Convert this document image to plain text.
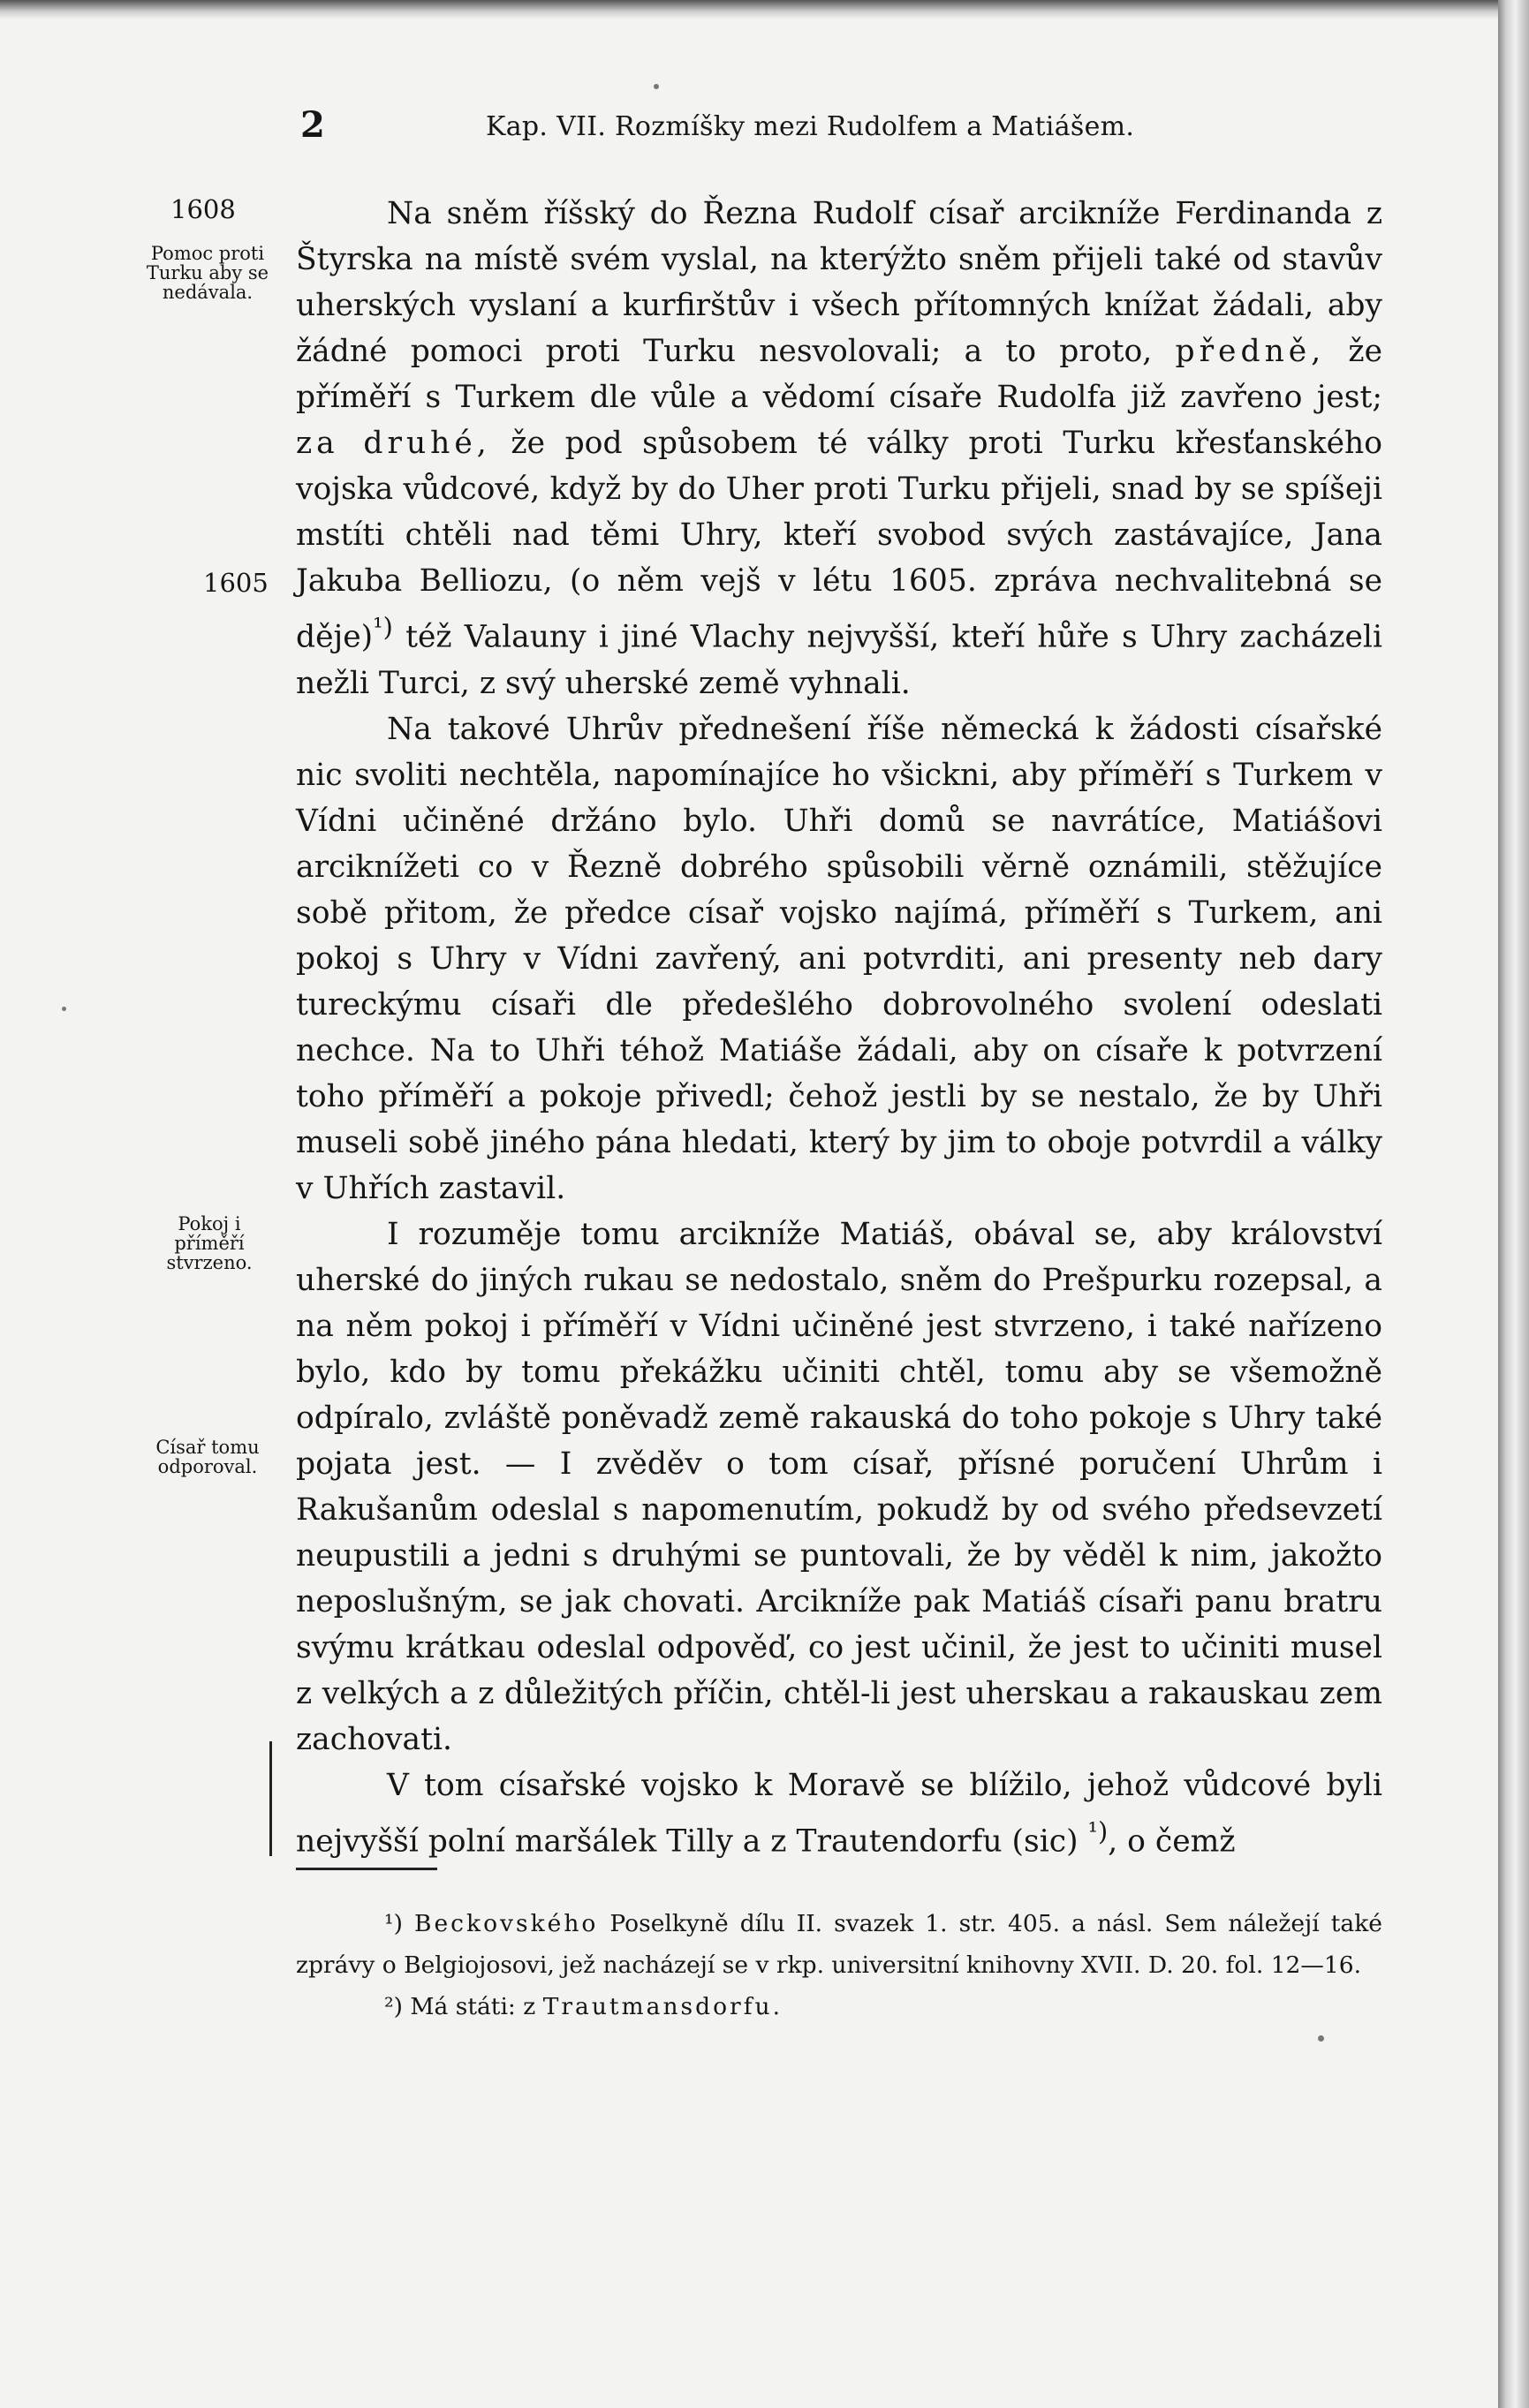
2	Kap. VII. Rozmíšky mezi Rudolfem a Matiášem.
1608
Pomoc proti Turku aby se nedávala.
1605
Pokoj i příměří stvrzeno.
Císař tomu odporoval.

Na sněm říšský do Řezna Rudolf císař arcikníže Ferdinanda z Štyrska na místě svém vyslal, na kterýžto sněm přijeli také od stavův uherských vyslaní a kurfirštův i všech přítomných knížat žádali, aby žádné pomoci proti Turku nesvolovali; a to proto, předně, že příměří s Turkem dle vůle a vědomí císaře Rudolfa již zavřeno jest; za druhé, že pod spůsobem té války proti Turku křesťanského vojska vůdcové, když by do Uher proti Turku přijeli, snad by se spíšeji mstíti chtěli nad těmi Uhry, kteří svobod svých zastávajíce, Jana Jakuba Belliozu, (o něm vejš v létu 1605. zpráva nechvalitebná se děje)$^{^1)}$ též Valauny i jiné Vlachy nejvyšší, kteří hůře s Uhry zacházeli nežli Turci, z svý uherské země vyhnali.

Na takové Uhrův přednešení říše německá k žádosti císařské nic svoliti nechtěla, napomínajíce ho všickni, aby příměří s Turkem v Vídni učiněné držáno bylo. Uhři domů se navrátíce, Matiášovi arciknížeti co v Řezně dobrého spůsobili věrně oznámili, stěžujíce sobě přitom, že předce císař vojsko najímá, příměří s Turkem, ani pokoj s Uhry v Vídni zavřený, ani potvrditi, ani presenty neb dary tureckýmu císaři dle předešlého dobrovolného svolení odeslati nechce. Na to Uhři téhož Matiáše žádali, aby on císaře k potvrzení toho příměří a pokoje přivedl; čehož jestli by se nestalo, že by Uhři museli sobě jiného pána hledati, který by jim to oboje potvrdil a války v Uhřích zastavil.

I rozuměje tomu arcikníže Matiáš, obával se, aby království uherské do jiných rukau se nedostalo, sněm do Prešpurku rozepsal, a na něm pokoj i příměří v Vídni učiněné jest stvrzeno, i také nařízeno bylo, kdo by tomu překážku učiniti chtěl, tomu aby se všemožně odpíralo, zvláště poněvadž země rakauská do toho pokoje s Uhry také pojata jest. — I zvěděv o tom císař, přísné poručení Uhrům i Rakušanům odeslal s napomenutím, pokudž by od svého předsevzetí neupustili a jedni s druhými se puntovali, že by věděl k nim, jakožto neposlušným, se jak chovati. Arcikníže pak Matiáš císaři panu bratru svýmu krátkau odeslal odpověď, co jest učinil, že jest to učiniti musel z velkých a z důležitých příčin, chtěl-li jest uherskau a rakauskau zem zachovati.

V tom císařské vojsko k Moravě se blížilo, jehož vůdcové byli nejvyšší polní maršálek Tilly a z Trautendorfu (sic) $^{^1)}$, o čemž

¹) Beckovského Poselkyně dílu II. svazek 1. str. 405. a násl. Sem náležejí také zprávy o Belgiojosovi, jež nacházejí se v rkp. universitní knihovny XVII. D. 20. fol. 12—16.
²) Má státi: z Trautmansdorfu.
